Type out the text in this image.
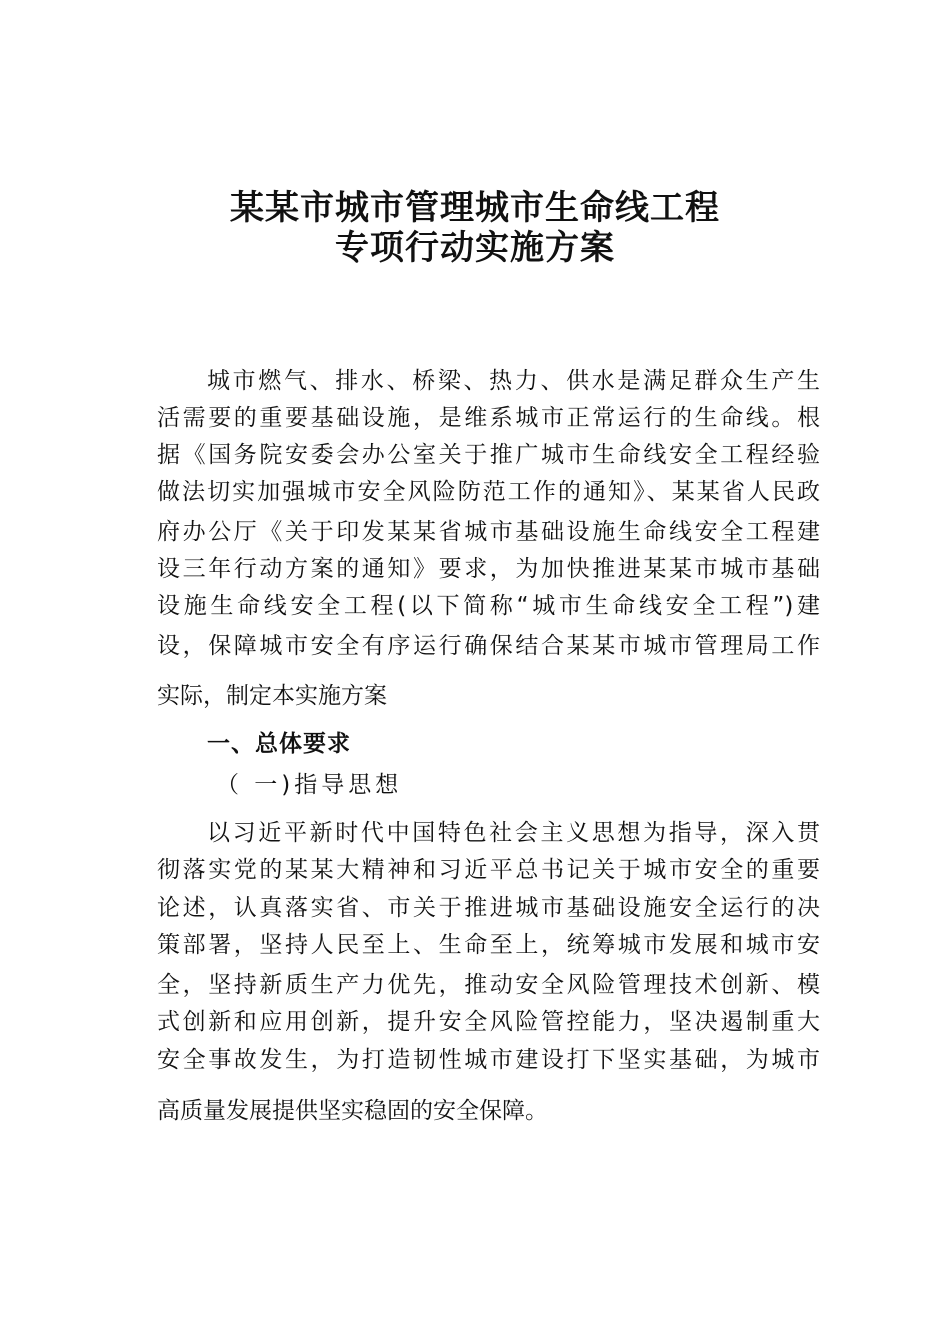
某某市城市管理城市生命线工程
专项行动实施方案
城市燃气、排水、桥梁、热力、供水是满足群众生产生
活需要的重要基础设施，是维系城市正常运行的生命线。根
据《国务院安委会办公室关于推广城市生命线安全工程经验
做法切实加强城市安全风险防范工作的通知》、某某省人民政
府办公厅《关于印发某某省城市基础设施生命线安全工程建
设三年行动方案的通知》要求，为加快推进某某市城市基础
设施生命线安全工程(以下简称“城市生命线安全工程”)建
设，保障城市安全有序运行确保结合某某市城市管理局工作
实际，制定本实施方案
一、总体要求
（ 一)指导思想
以习近平新时代中国特色社会主义思想为指导，深入贯
彻落实党的某某大精神和习近平总书记关于城市安全的重要
论述，认真落实省、市关于推进城市基础设施安全运行的决
策部署，坚持人民至上、生命至上，统筹城市发展和城市安
全，坚持新质生产力优先，推动安全风险管理技术创新、模
式创新和应用创新，提升安全风险管控能力，坚决遏制重大
安全事故发生，为打造韧性城市建设打下坚实基础，为城市
高质量发展提供坚实稳固的安全保障。
